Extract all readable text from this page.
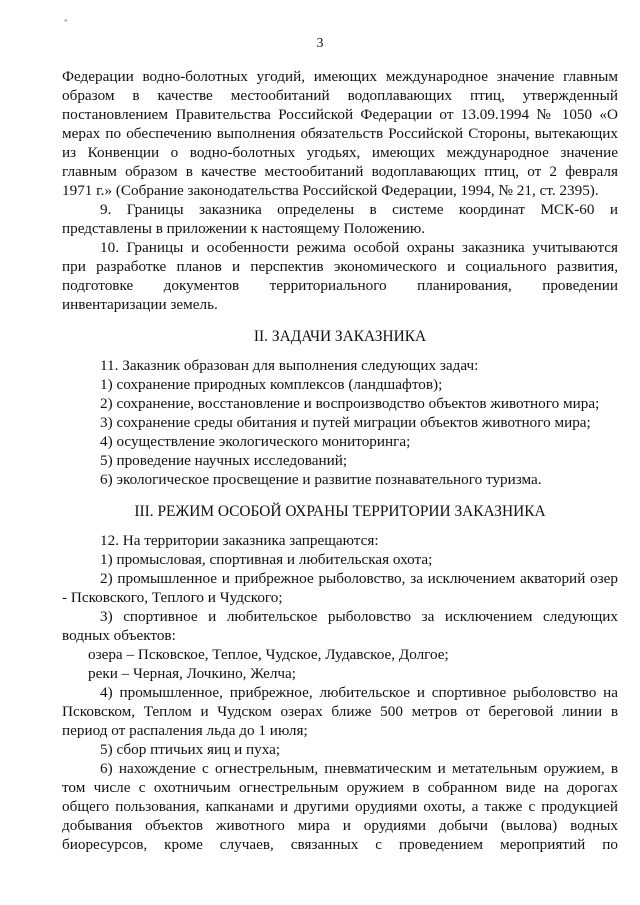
"
3
Федерации водно-болотных угодий, имеющих международное значение главным
образом в качестве местообитаний водоплавающих птиц, утвержденный
постановлением Правительства Российской Федерации от 13.09.1994 № 1050 «О
мерах по обеспечению выполнения обязательств Российской Стороны, вытекающих
из Конвенции о водно-болотных угодьях, имеющих международное значение
главным образом в качестве местообитаний водоплавающих птиц, от 2 февраля
1971 г.» (Собрание законодательства Российской Федерации, 1994, № 21, ст. 2395).
9. Границы заказника определены в системе координат МСК-60 и
представлены в приложении к настоящему Положению.
10. Границы и особенности режима особой охраны заказника учитываются
при разработке планов и перспектив экономического и социального развития,
подготовке документов территориального планирования, проведении
инвентаризации земель.
II. ЗАДАЧИ ЗАКАЗНИКА
11. Заказник образован для выполнения следующих задач:
1) сохранение природных комплексов (ландшафтов);
2) сохранение, восстановление и воспроизводство объектов животного мира;
3) сохранение среды обитания и путей миграции объектов животного мира;
4) осуществление экологического мониторинга;
5) проведение научных исследований;
6) экологическое просвещение и развитие познавательного туризма.
III. РЕЖИМ ОСОБОЙ ОХРАНЫ ТЕРРИТОРИИ ЗАКАЗНИКА
12. На территории заказника запрещаются:
1) промысловая, спортивная и любительская охота;
2) промышленное и прибрежное рыболовство, за исключением акваторий озер
- Псковского, Теплого и Чудского;
3) спортивное и любительское рыболовство за исключением следующих
водных объектов:
озера – Псковское, Теплое, Чудское, Лудавское, Долгое;
реки – Черная, Лочкино, Желча;
4) промышленное, прибрежное, любительское и спортивное рыболовство на
Псковском, Теплом и Чудском озерах ближе 500 метров от береговой линии в
период от распаления льда до 1 июля;
5) сбор птичьих яиц и пуха;
6) нахождение с огнестрельным, пневматическим и метательным оружием, в
том числе с охотничьим огнестрельным оружием в собранном виде на дорогах
общего пользования, капканами и другими орудиями охоты, а также с продукцией
добывания объектов животного мира и орудиями добычи (вылова) водных
биоресурсов, кроме случаев, связанных с проведением мероприятий по
